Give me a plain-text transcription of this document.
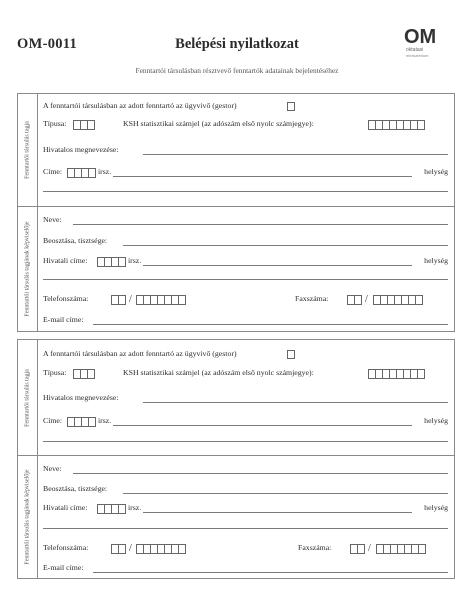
OM-0011	Belépési nyilatkozat
Fenntartói társulásban résztvevő fenntartók adatainak bejelentéséhez
OM
oktatasi
minisztérium
Fenntartói társulás tagja
Fenntartói társulás tagjának képviselője
A fenntartói társulásban az adott fenntartó az ügyvivő (gestor)
Típusa:	KSH statisztikai számjel (az adószám első nyolc számjegye):
Hivatalos megnevezése:
Címe:	irsz.	helység
Neve:
Beosztása, tisztsége:
Hivatali címe:	irsz.	helység
Telefonszáma:	/	Faxszáma:	/
E-mail címe:
Fenntartói társulás tagja
Fenntartói társulás tagjának képviselője
A fenntartói társulásban az adott fenntartó az ügyvivő (gestor)
Típusa:	KSH statisztikai számjel (az adószám első nyolc számjegye):
Hivatalos megnevezése:
Címe:	irsz.	helység
Neve:
Beosztása, tisztsége:
Hivatali címe:	irsz.	helység
Telefonszáma:	/	Faxszáma:	/
E-mail címe:
